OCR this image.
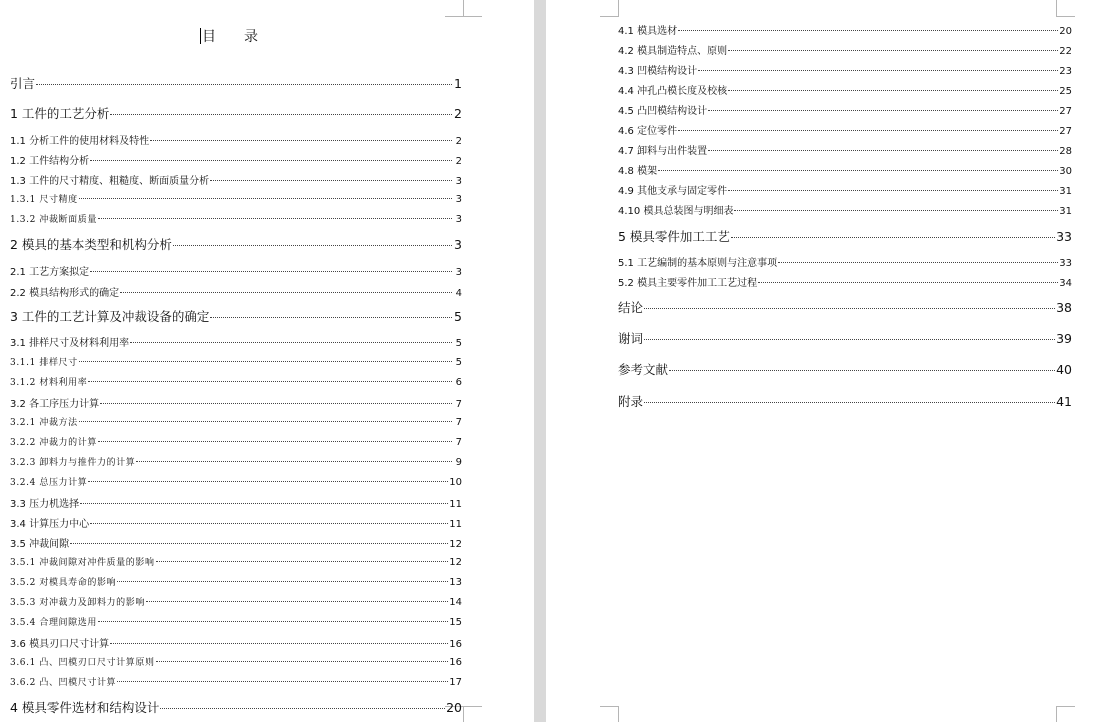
目 录
引言	1
1 工件的工艺分析	2
1.1 分析工件的使用材料及特性	2
1.2 工件结构分析	2
1.3 工件的尺寸精度、粗糙度、断面质量分析	3
1.3.1 尺寸精度	3
1.3.2 冲裁断面质量	3
2 模具的基本类型和机构分析	3
2.1 工艺方案拟定	3
2.2 模具结构形式的确定	4
3 工件的工艺计算及冲裁设备的确定	5
3.1 排样尺寸及材料利用率	5
3.1.1 排样尺寸	5
3.1.2 材料利用率	6
3.2 各工序压力计算	7
3.2.1 冲裁方法	7
3.2.2 冲裁力的计算	7
3.2.3 卸料力与推件力的计算	9
3.2.4 总压力计算	10
3.3 压力机选择	11
3.4 计算压力中心	11
3.5 冲裁间隙	12
3.5.1 冲裁间隙对冲件质量的影响	12
3.5.2 对模具寿命的影响	13
3.5.3 对冲裁力及卸料力的影响	14
3.5.4 合理间隙选用	15
3.6 模具刃口尺寸计算	16
3.6.1 凸、凹模刃口尺寸计算原则	16
3.6.2 凸、凹模尺寸计算	17
4 模具零件选材和结构设计	20
4.1 模具选材	20
4.2 模具制造特点、原则	22
4.3 凹模结构设计	23
4.4 冲孔凸模长度及校核	25
4.5 凸凹模结构设计	27
4.6 定位零件	27
4.7 卸料与出件装置	28
4.8 模架	30
4.9 其他支承与固定零件	31
4.10 模具总装图与明细表	31
5 模具零件加工工艺	33
5.1 工艺编制的基本原则与注意事项	33
5.2 模具主要零件加工工艺过程	34
结论	38
谢词	39
参考文献	40
附录	41
